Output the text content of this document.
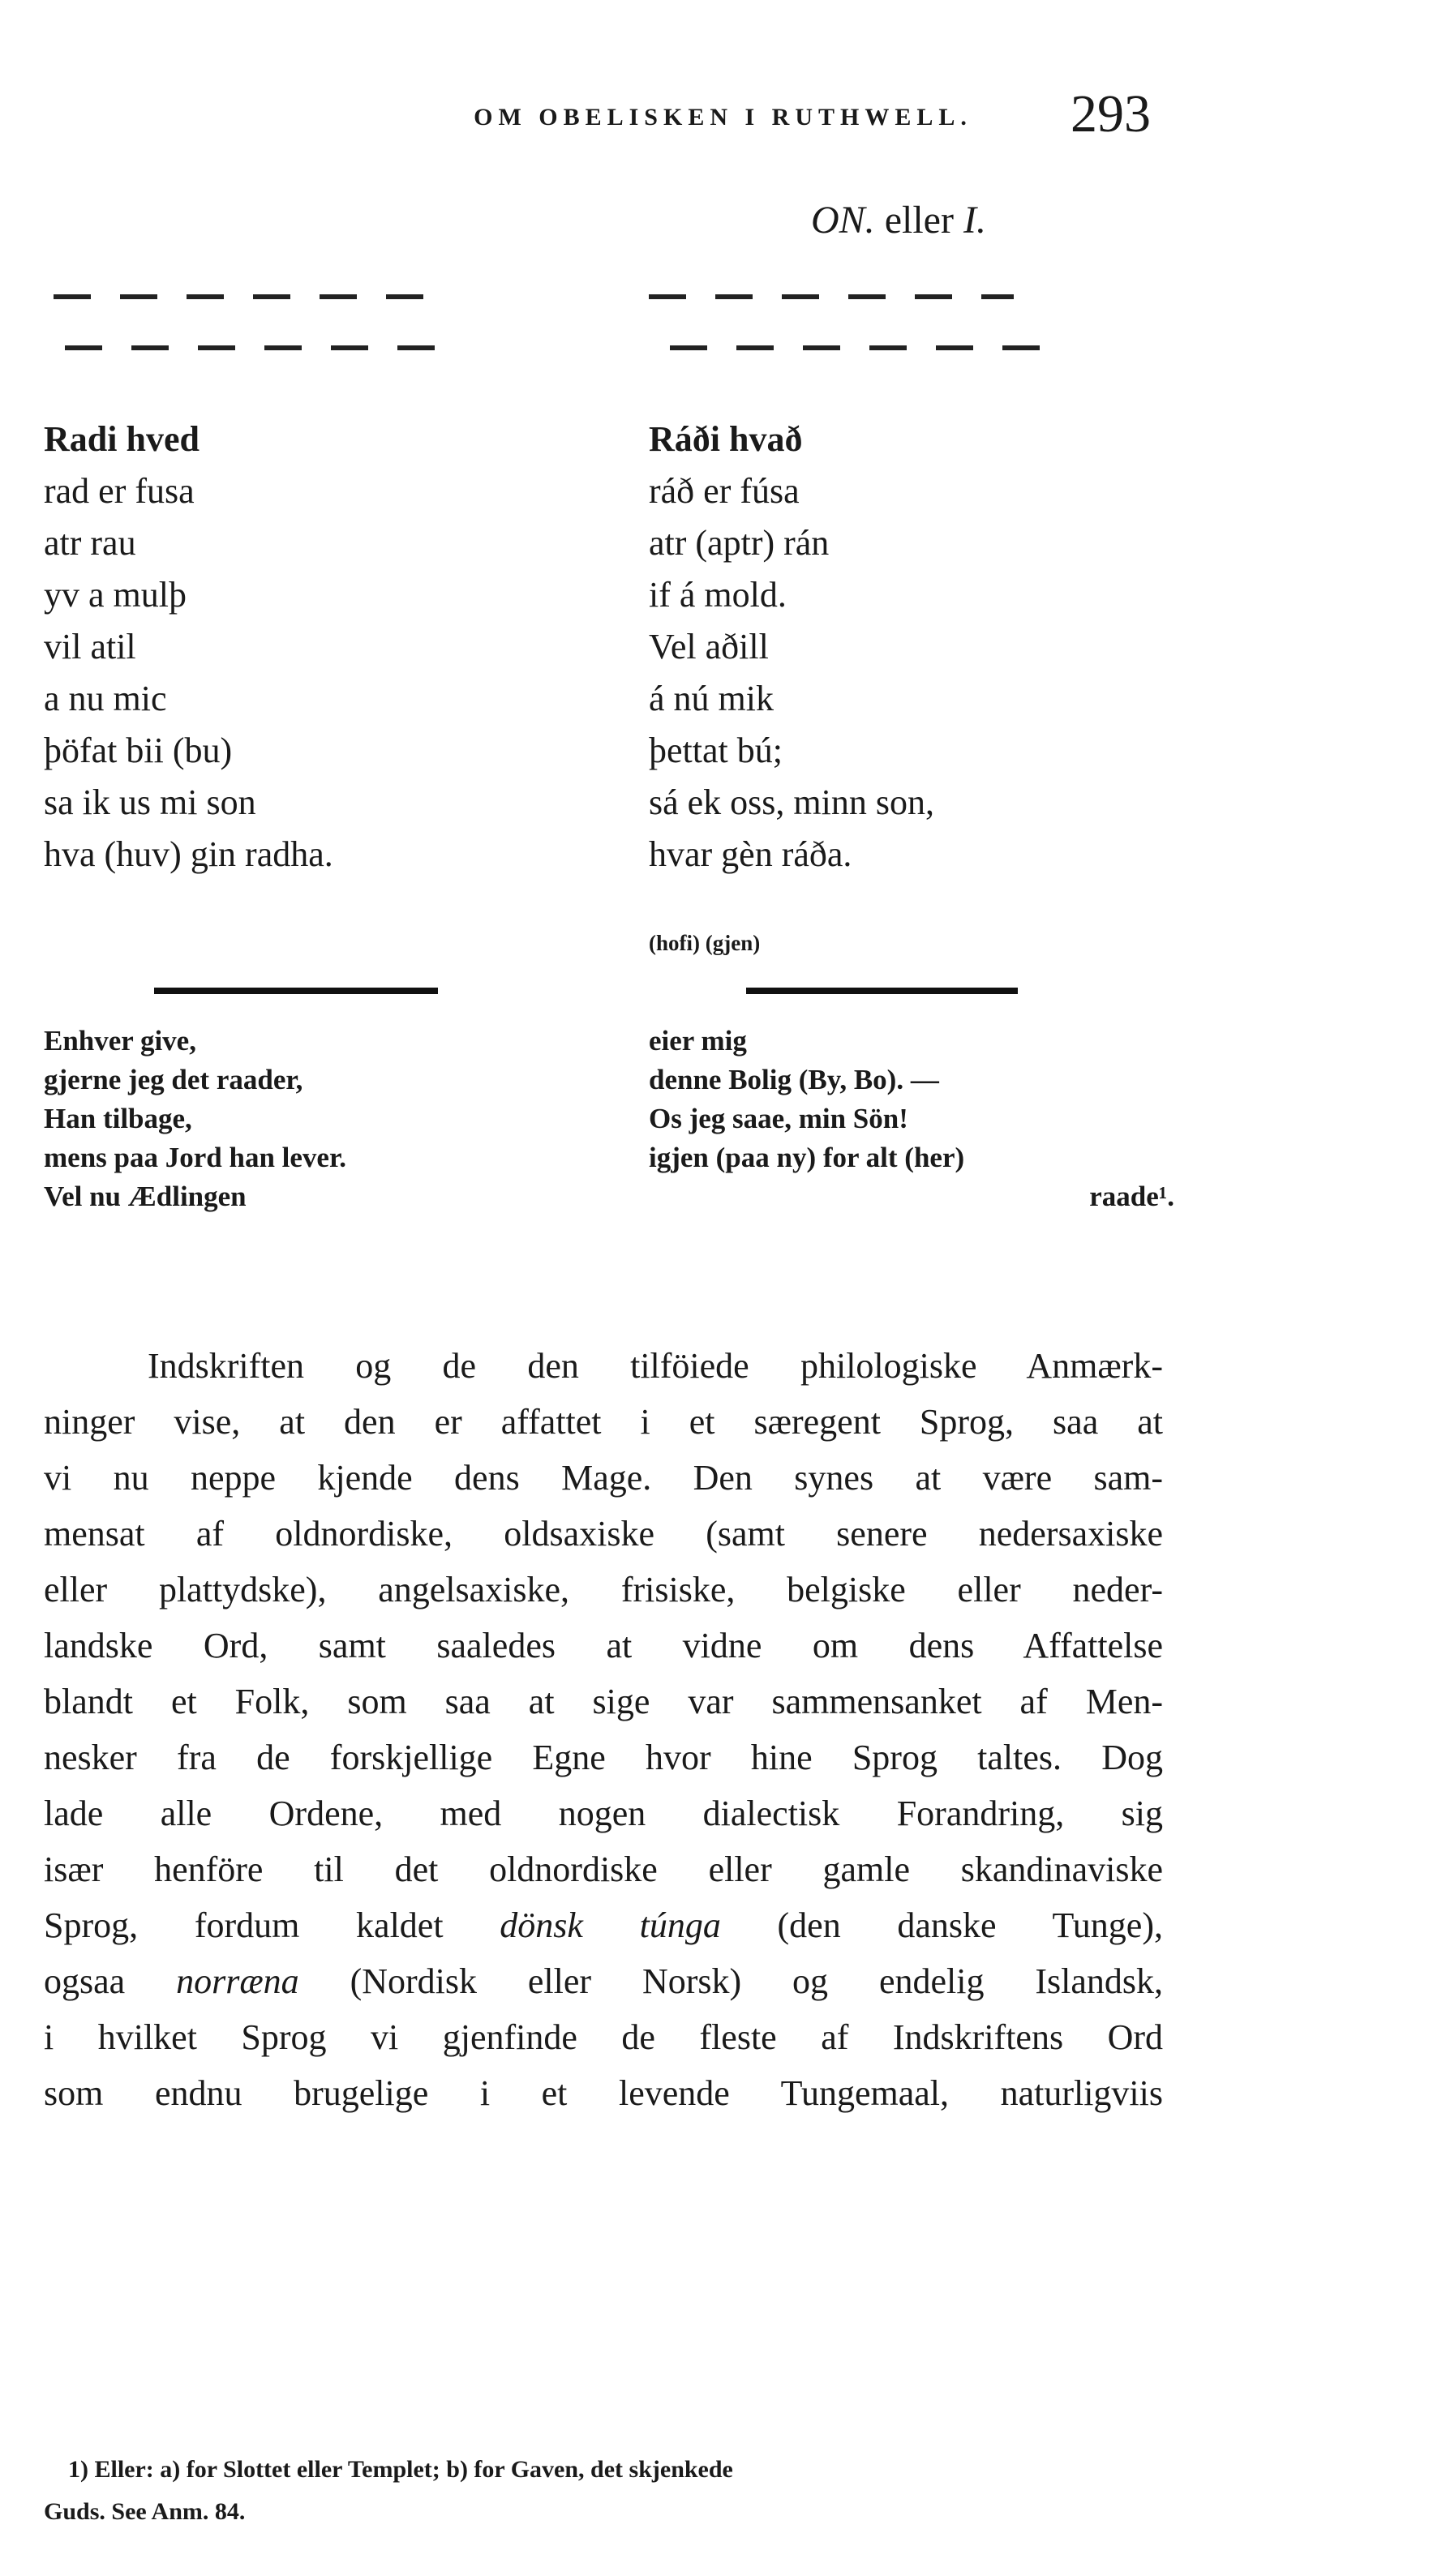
OM OBELISKEN I RUTHWELL.	293
ON. eller I.
Radi hved
rad er fusa
atr rau
yv a mulþ
vil atil
a nu mic
þöfat bii (bu)
sa ik us mi son
hva (huv) gin radha.
Ráði hvað
ráð er fúsa
atr (aptr) rán
if á mold.
Vel aðill
á nú mik
þettat bú;
sá ek oss, minn son,
hvar gèn ráða.
(hofi) (gjen)
Enhver give,
gjerne jeg det raader,
Han tilbage,
mens paa Jord han lever.
Vel nu Ædlingen
eier mig
denne Bolig (By, Bo). —
Os jeg saae, min Sön!
igjen (paa ny) for alt (her)
raade¹.
Indskriften og de den tilföiede philologiske Anmærk-
ninger vise, at den er affattet i et særegent Sprog, saa at
vi nu neppe kjende dens Mage. Den synes at være sam-
mensat af oldnordiske, oldsaxiske (samt senere nedersaxiske
eller plattydske), angelsaxiske, frisiske, belgiske eller neder-
landske Ord, samt saaledes at vidne om dens Affattelse
blandt et Folk, som saa at sige var sammensanket af Men-
nesker fra de forskjellige Egne hvor hine Sprog taltes. Dog
lade alle Ordene, med nogen dialectisk Forandring, sig
især henföre til det oldnordiske eller gamle skandinaviske
Sprog, fordum kaldet dönsk túnga (den danske Tunge),
ogsaa norræna (Nordisk eller Norsk) og endelig Islandsk,
i hvilket Sprog vi gjenfinde de fleste af Indskriftens Ord
som endnu brugelige i et levende Tungemaal, naturligviis
1) Eller: a) for Slottet eller Templet; b) for Gaven, det skjenkede
Guds. See Anm. 84.
